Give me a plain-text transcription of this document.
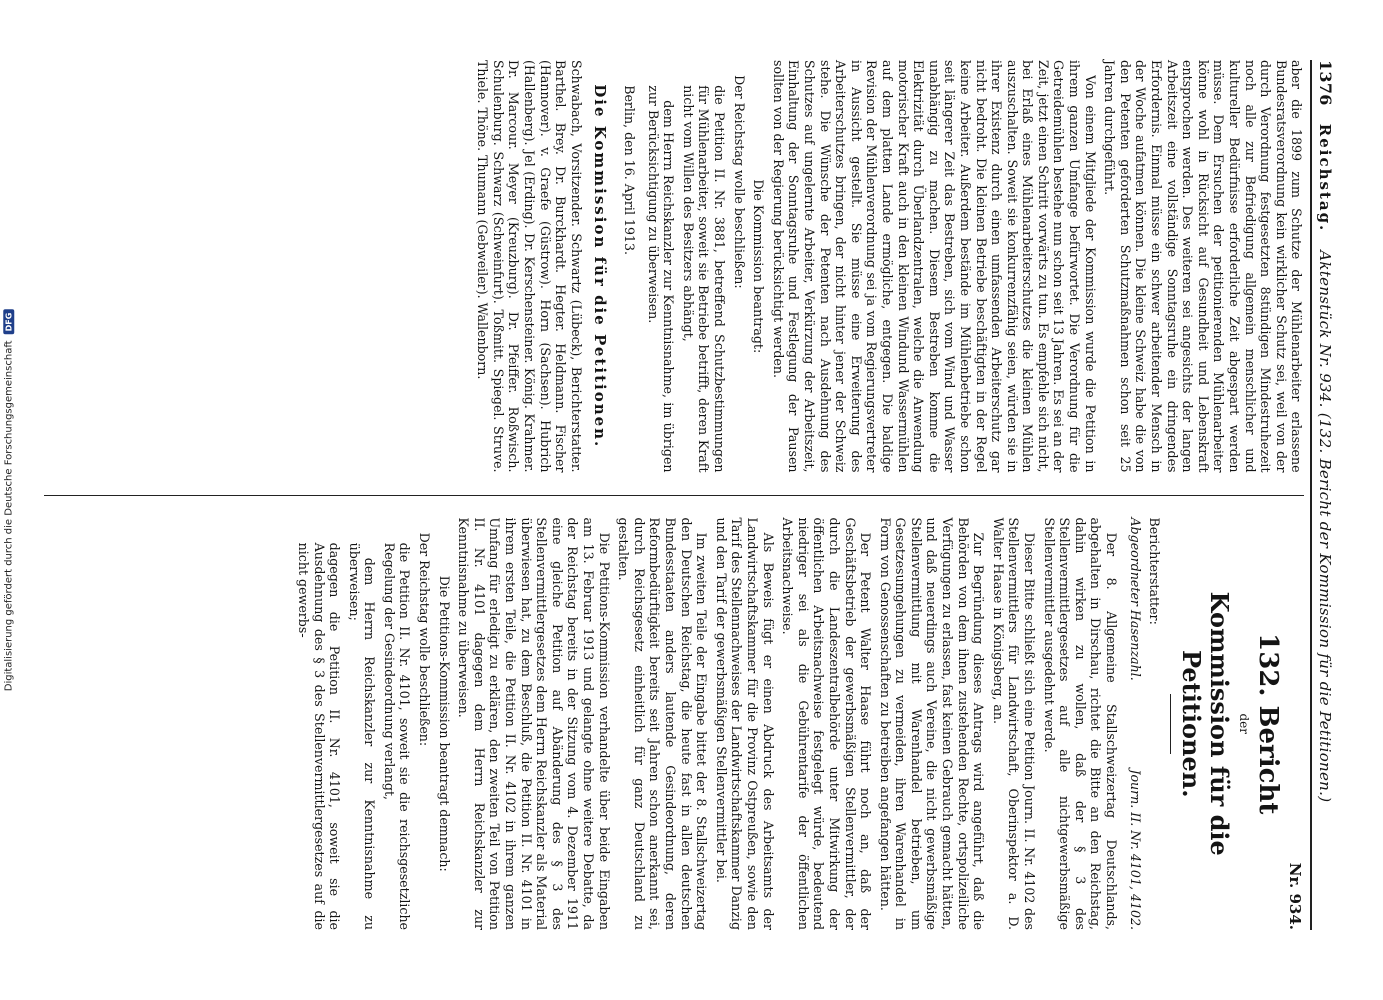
Digitalisierung gefördert durch die Deutsche Forschungsgemeinschaft
DFG
1376
Reichstag.
Aktenstück Nr. 934. (132. Bericht der Kommission für die Petitionen.)

aber die 1899 zum Schutze der Mühlenarbeiter erlassene Bundesratsverordnung kein wirklicher Schutz sei, weil von der durch Verordnung festgesetzten 8stündigen Mindestruhezeit noch alle zur Befriedigung allgemein menschlicher und kultureller Bedürfnisse erforderliche Zeit abgespart werden müsse. Dem Ersuchen der petitionierenden Mühlenarbeiter könne wohl in Rücksicht auf Gesundheit und Lebenskraft entsprochen werden. Des weiteren sei angesichts der langen Arbeitszeit eine vollständige Sonntagsruhe ein dringendes Erfordernis. Einmal müsse ein schwer arbeitender Mensch in der Woche aufatmen können. Die kleine Schweiz habe die von den Petenten geforderten Schutzmaßnahmen schon seit 25 Jahren durchgeführt.

Von einem Mitgliede der Kommission wurde die Petition in ihrem ganzen Umfange befürwortet. Die Verordnung für die Getreidemühlen bestehe nun schon seit 13 Jahren. Es sei an der Zeit, jetzt einen Schritt vorwärts zu tun. Es empfehle sich nicht, bei Erlaß eines Mühlenarbeiterschutzes die kleinen Mühlen auszuschalten. Soweit sie konkurrenzfähig seien, würden sie in ihrer Existenz durch einen umfassenden Arbeiterschutz gar nicht bedroht. Die kleinen Betriebe beschäftigten in der Regel keine Arbeiter. Außerdem bestände im Mühlenbetriebe schon seit längerer Zeit das Bestreben, sich vom Wind und Wasser unabhängig zu machen. Diesem Bestreben komme die Elektrizität durch Überlandzentralen, welche die Anwendung motorischer Kraft auch in den kleinen Windund Wassermühlen auf dem platten Lande ermögliche, entgegen. Die baldige Revision der Mühlenverordnung sei ja vom Regierungsvertreter in Aussicht gestellt. Sie müsse eine Erweiterung des Arbeiterschutzes bringen, der nicht hinter jener der Schweiz stehe. Die Wünsche der Petenten nach Ausdehnung des Schutzes auf ungelernte Arbeiter, Verkürzung der Arbeitszeit, Einhaltung der Sonntagsruhe und Festlegung der Pausen sollten von der Regierung berücksichtigt werden.

Die Kommission beantragt:

Der Reichstag wolle beschließen:

die Petition II. Nr. 3881, betreffend Schutzbestimmungen für Mühlenarbeiter, soweit sie Betriebe betrifft, deren Kraft nicht vom Willen des Besitzers abhängt,

dem Herrn Reichskanzler zur Kenntnisnahme, im übrigen zur Berücksichtigung zu überweisen.

Berlin, den 16. April 1913.

Die Kommission für die Petitionen.

Schwabach, Vorsitzender. Schwartz (Lübeck), Berichterstatter. Barthel. Brey. Dr. Burckhardt. Hegter. Heldmann. Fischer (Hannover). v. Graefe (Güstrow). Horn (Sachsen). Hubrich (Hallenberg). Jel (Erding). Dr. Kerschensteiner. König. Krahmer. Dr. Marcour. Meyer (Kreuzburg). Dr. Pfeiffer. Roßwisch. Schulenburg. Schwarz (Schweinfurt). Toßmitt. Spiegel. Struve. Thiele. Thöne. Thumann (Gebweiler). Wallenborn.

Nr. 934.

132. Bericht

der

Kommission für die Petitionen.

Berichterstatter:

Abgeordneter Hasenzahl.
Journ. II. Nr. 4101, 4102.

Der 8. Allgemeine Stallschweizertag Deutschlands, abgehalten in Dirschau, richtet die Bitte an den Reichstag, dahin wirken zu wollen, daß der § 3 des Stellenvermittlergesetzes auf alle nichtgewerbsmäßige Stellenvermittler ausgedehnt werde.

Dieser Bitte schließt sich eine Petition Journ. II. Nr. 4102 des Stellenvermittlers für Landwirtschaft, Oberinspektor a. D. Walter Haase in Königsberg, an.

Zur Begründung dieses Antrags wird angeführt, daß die Behörden von dem ihnen zustehenden Rechte, ortspolizeiliche Verfügungen zu erlassen, fast keinen Gebrauch gemacht hätten, und daß neuerdings auch Vereine, die nicht gewerbsmäßige Stellenvermittlung mit Warenhandel betrieben, um Gesetzesumgehungen zu vermeiden, ihren Warenhandel in Form von Genossenschaften zu betreiben angefangen hätten.

Der Petent Walter Haase führt noch an, daß der Geschäftsbetrieb der gewerbsmäßigen Stellenvermittler, der durch die Landeszentralbehörde unter Mitwirkung der öffentlichen Arbeitsnachweise festgelegt würde, bedeutend niedriger sei als die Gebührentarife der öffentlichen Arbeitsnachweise.

Als Beweis fügt er einen Abdruck des Arbeitsamts der Landwirtschaftskammer für die Provinz Ostpreußen, sowie den Tarif des Stellennachweises der Landwirtschaftskammer Danzig und den Tarif der gewerbsmäßigen Stellenvermittler bei.

Im zweiten Teile der Eingabe bittet der 8. Stallschweizertag den Deutschen Reichstag, die heute fast in allen deutschen Bundesstaaten anders lautende Gesindeordnung, deren Reformbedürftigkeit bereits seit Jahren schon anerkannt sei, durch Reichsgesetz einheitlich für ganz Deutschland zu gestalten.

Die Petitions-Kommission verhandelte über beide Eingaben am 13. Februar 1913 und gelangte ohne weitere Debatte, da der Reichstag bereits in der Sitzung vom 4. Dezember 1911 eine gleiche Petition auf Abänderung des § 3 des Stellenvermittlergesetzes dem Herrn Reichskanzler als Material überwiesen hat, zu dem Beschluß, die Petition II. Nr. 4101 in ihrem ersten Teile, die Petition II. Nr. 4102 in ihrem ganzen Umfang für erledigt zu erklären, den zweiten Teil von Petition II. Nr. 4101 dagegen dem Herrn Reichskanzler zur Kenntnisnahme zu überweisen.

Die Petitions-Kommission beantragt demnach:

Der Reichstag wolle beschließen:

die Petition II. Nr. 4101, soweit sie die reichsgesetzliche Regelung der Gesindeordnung verlangt,

dem Herrn Reichskanzler zur Kenntnisnahme zu überweisen;

dagegen die Petition II. Nr. 4101, soweit sie die Ausdehnung des § 3 des Stellenvermittlergesetzes auf die nicht gewerbs-
